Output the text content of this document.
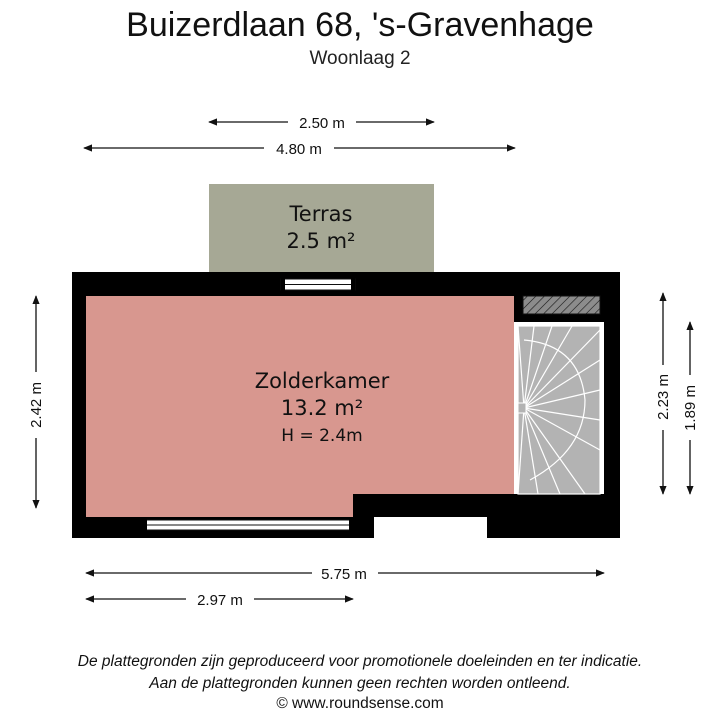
Buizerdlaan 68, 's-Gravenhage
Woonlaag 2
Terras
2.5 m²
Zolderkamer
13.2 m²
H = 2.4m
2.50 m
4.80 m
2.42 m	2.23 m 1.89 m
5.75 m
2.97 m
De plattegronden zijn geproduceerd voor promotionele doeleinden en ter indicatie.
Aan de plattegronden kunnen geen rechten worden ontleend.
© www.roundsense.com
